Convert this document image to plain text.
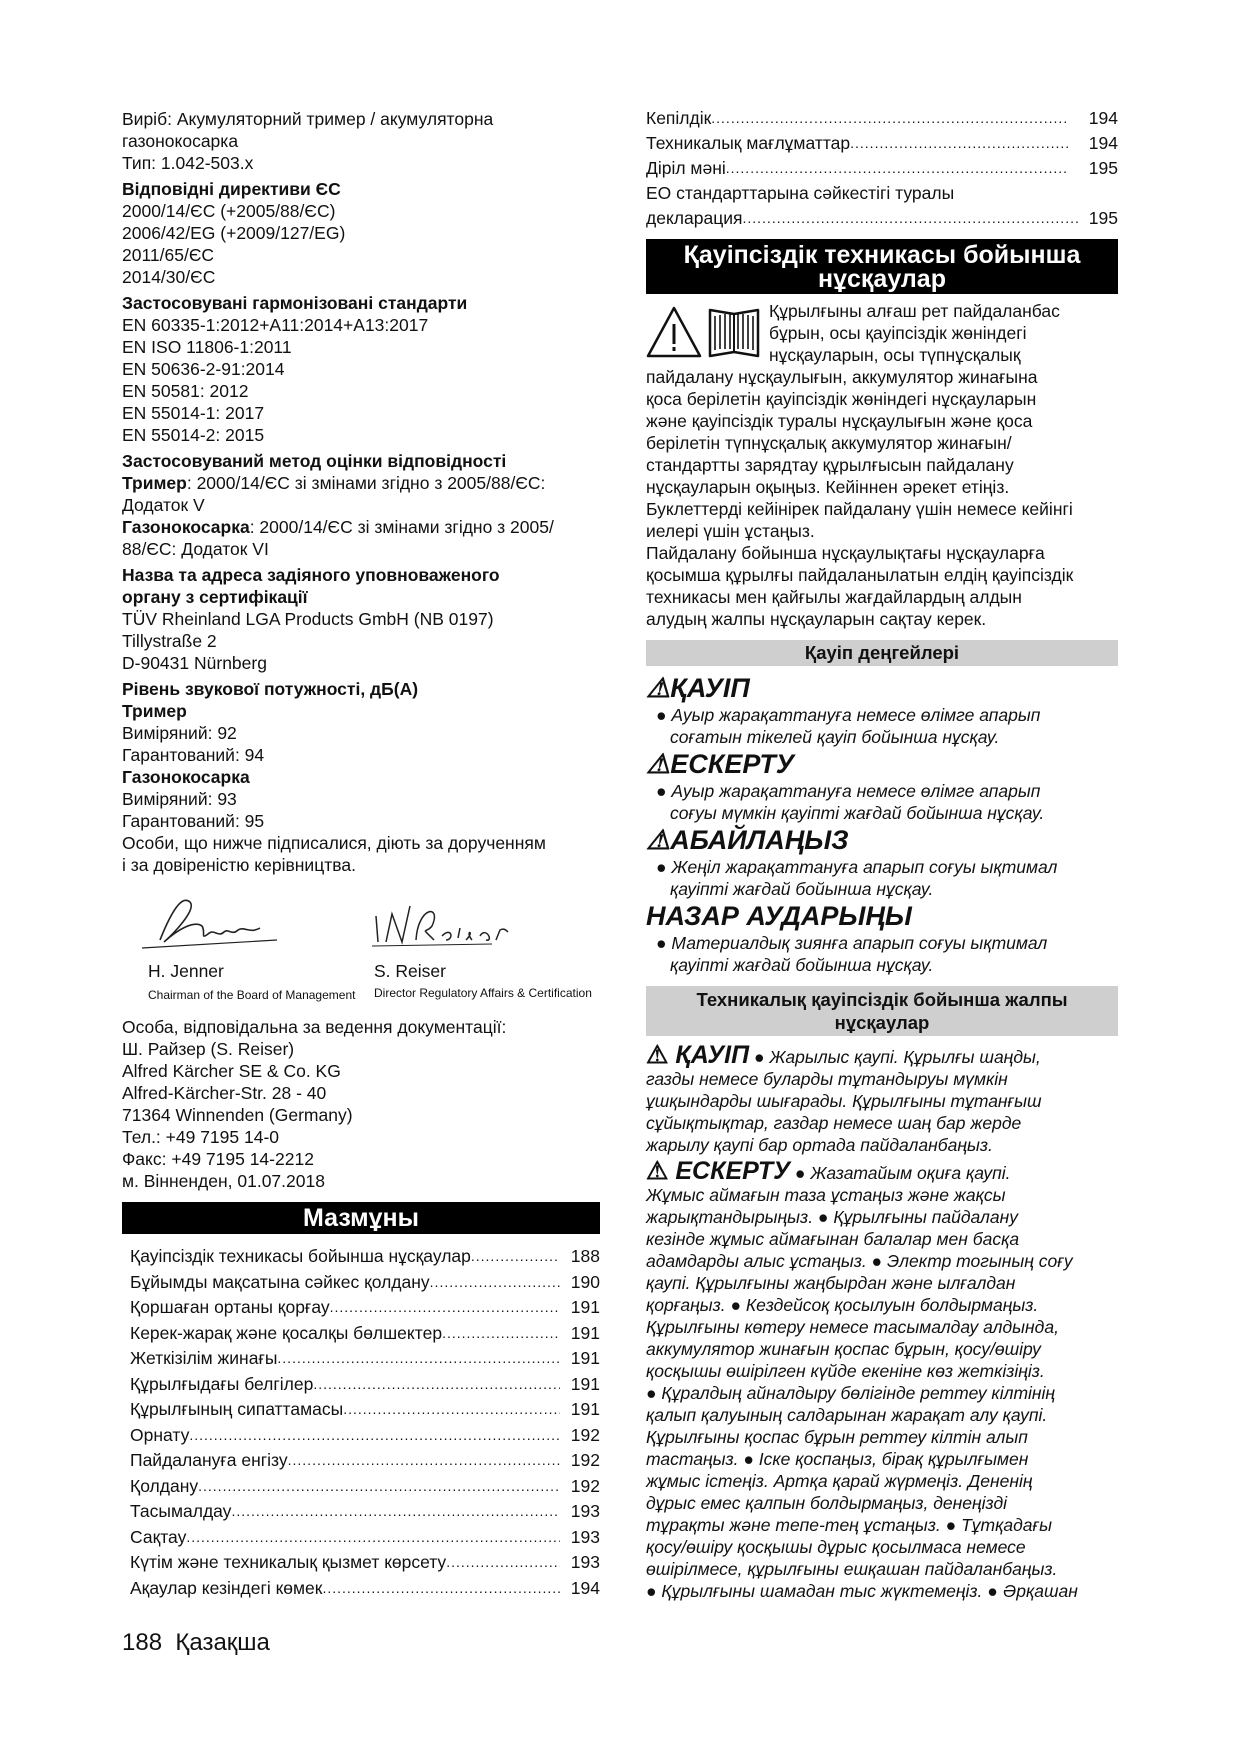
Виріб: Акумуляторний тример / акумуляторна
газонокосарка
Тип: 1.042-503.x
Відповідні директиви ЄС
2000/14/ЄС (+2005/88/ЄС)
2006/42/EG (+2009/127/EG)
2011/65/ЄС
2014/30/ЄС
Застосовувані гармонізовані стандарти
EN 60335-1:2012+A11:2014+A13:2017
EN ISO 11806-1:2011
EN 50636-2-91:2014
EN 50581: 2012
EN 55014-1: 2017
EN 55014-2: 2015
Застосовуваний метод оцінки відповідності
Тример: 2000/14/ЄС зі змінами згідно з 2005/88/ЄС:
Додаток V
Газонокосарка: 2000/14/ЄС зі змінами згідно з 2005/
88/ЄС: Додаток VI
Назва та адреса задіяного уповноваженого
органу з сертифікації
TÜV Rheinland LGA Products GmbH (NB 0197)
Tillystraße 2
D-90431 Nürnberg
Рівень звукової потужності, дБ(А)
Тример
Виміряний: 92
Гарантований: 94
Газонокосарка
Виміряний: 93
Гарантований: 95
Особи, що нижче підписалися, діють за дорученням
і за довіреністю керівництва.
H. Jenner
Chairman of the Board of Management
S. Reiser
Director Regulatory Affairs & Certification
Особа, відповідальна за ведення документації:
Ш. Райзер (S. Reiser)
Alfred Kärcher SE & Co. KG
Alfred-Kärcher-Str. 28 - 40
71364 Winnenden (Germany)
Тел.: +49 7195 14-0
Факс: +49 7195 14-2212
м. Вінненден, 01.07.2018
Мазмұны
Қауіпсіздік техникасы бойынша нұсқаулар .....	188
Бұйымды мақсатына сәйкес қолдану .....	190
Қоршаған ортаны қорғау .....	191
Керек-жарақ және қосалқы бөлшектер .....	191
Жеткізілім жинағы .....	191
Құрылғыдағы белгілер .....	191
Құрылғының сипаттамасы .....	191
Орнату .....	192
Пайдалануға енгізу .....	192
Қолдану .....	192
Тасымалдау .....	193
Сақтау .....	193
Күтім және техникалық қызмет көрсету .....	193
Ақаулар кезіндегі көмек .....	194
Кепілдік .....	194
Техникалық мағлұматтар .....	194
Діріл мәні .....	195
ЕО стандарттарына сәйкестігі туралы
декларация .....	195
Қауіпсіздік техникасы бойынша
нұсқаулар
Құрылғыны алғаш рет пайдаланбас
бұрын, осы қауіпсіздік жөніндегі
нұсқауларын, осы түпнұсқалық
пайдалану нұсқаулығын, аккумулятор жинағына
қоса берілетін қауіпсіздік жөніндегі нұсқауларын
және қауіпсіздік туралы нұсқаулығын және қоса
берілетін түпнұсқалық аккумулятор жинағын/
стандартты зарядтау құрылғысын пайдалану
нұсқауларын оқыңыз. Кейіннен әрекет етіңіз.
Буклеттерді кейінірек пайдалану үшін немесе кейінгі
иелері үшін ұстаңыз.
Пайдалану бойынша нұсқаулықтағы нұсқауларға
қосымша құрылғы пайдаланылатын елдің қауіпсіздік
техникасы мен қайғылы жағдайлардың алдын
алудың жалпы нұсқауларын сақтау керек.
Қауіп деңгейлері
⚠ҚАУІП
● Ауыр жарақаттануға немесе өлімге апарып
соғатын тікелей қауіп бойынша нұсқау.
⚠ЕСКЕРТУ
● Ауыр жарақаттануға немесе өлімге апарып
соғуы мүмкін қауіпті жағдай бойынша нұсқау.
⚠АБАЙЛАҢЫЗ
● Жеңіл жарақаттануға апарып соғуы ықтимал
қауіпті жағдай бойынша нұсқау.
НАЗАР АУДАРЫҢЫ
● Материалдық зиянға апарып соғуы ықтимал
қауіпті жағдай бойынша нұсқау.
Техникалық қауіпсіздік бойынша жалпы
нұсқаулар
⚠ ҚАУІП ● Жарылыс қаупі. Құрылғы шаңды,
газды немесе буларды тұтандыруы мүмкін
ұшқындарды шығарады. Құрылғыны тұтанғыш
сұйықтықтар, газдар немесе шаң бар жерде
жарылу қаупі бар ортада пайдаланбаңыз.
⚠ ЕСКЕРТУ ● Жазатайым оқиға қаупі.
Жұмыс аймағын таза ұстаңыз және жақсы
жарықтандырыңыз. ● Құрылғыны пайдалану
кезінде жұмыс аймағынан балалар мен басқа
адамдарды алыс ұстаңыз. ● Электр тогының соғу
қаупі. Құрылғыны жаңбырдан және ылғалдан
қорғаңыз. ● Кездейсоқ қосылуын болдырмаңыз.
Құрылғыны көтеру немесе тасымалдау алдында,
аккумулятор жинағын қоспас бұрын, қосу/өшіру
қосқышы өшірілген күйде екеніне көз жеткізіңіз.
● Құралдың айналдыру бөлігінде реттеу кілтінің
қалып қалуының салдарынан жарақат алу қаупі.
Құрылғыны қоспас бұрын реттеу кілтін алып
тастаңыз. ● Іске қоспаңыз, бірақ құрылғымен
жұмыс істеңіз. Артқа қарай жүрмеңіз. Дененің
дұрыс емес қалпын болдырмаңыз, денеңізді
тұрақты және тепе-тең ұстаңыз. ● Тұтқадағы
қосу/өшіру қосқышы дұрыс қосылмаса немесе
өшірілмесе, құрылғыны ешқашан пайдаланбаңыз.
● Құрылғыны шамадан тыс жүктемеңіз. ● Әрқашан
188 Қазақша
